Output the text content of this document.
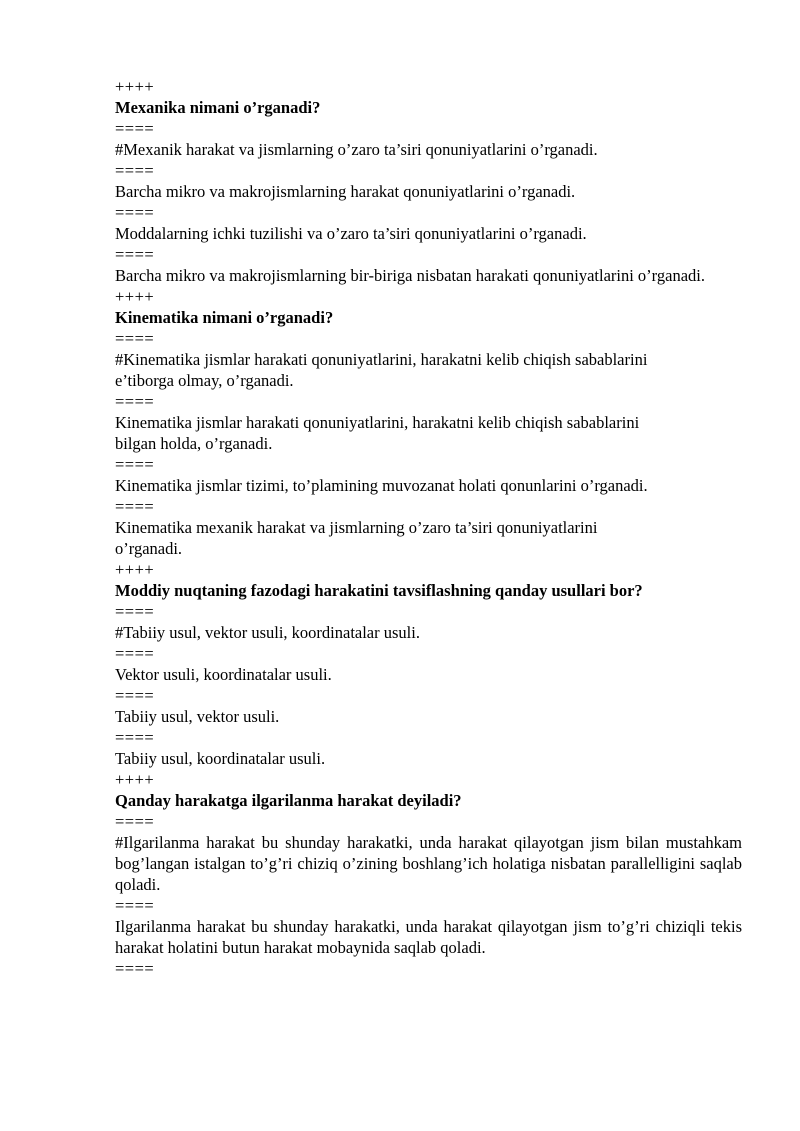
++++

Mexanika nimani o’rganadi?

====

#Mexanik harakat va jismlarning o’zaro ta’siri qonuniyatlarini o’rganadi.

====

Barcha mikro va makrojismlarning harakat qonuniyatlarini o’rganadi.

====

Moddalarning ichki tuzilishi va o’zaro ta’siri qonuniyatlarini o’rganadi.

====

Barcha mikro va makrojismlarning bir-biriga nisbatan harakati qonuniyatlarini o’rganadi.

++++

Kinematika nimani o’rganadi?

====

#Kinematika jismlar harakati qonuniyatlarini, harakatni kelib chiqish sabablarini
e’tiborga olmay, o’rganadi.

====

Kinematika jismlar harakati qonuniyatlarini, harakatni kelib chiqish sabablarini
bilgan holda, o’rganadi.

====

Kinematika jismlar tizimi, to’plamining muvozanat holati qonunlarini o’rganadi.

====

Kinematika mexanik harakat va jismlarning o’zaro ta’siri qonuniyatlarini
o’rganadi.

++++

Moddiy nuqtaning fazodagi harakatini tavsiflashning qanday usullari bor?

====

#Tabiiy usul, vektor usuli, koordinatalar usuli.

====

Vektor usuli, koordinatalar usuli.

====

Tabiiy usul, vektor usuli.

====

Tabiiy usul, koordinatalar usuli.

++++

Qanday harakatga ilgarilanma harakat deyiladi?

====

#Ilgarilanma harakat bu shunday harakatki, unda harakat qilayotgan jism bilan mustahkam bog’langan istalgan to’g’ri chiziq o’zining boshlang’ich holatiga nisbatan parallelligini saqlab qoladi.

====

Ilgarilanma harakat bu shunday harakatki, unda harakat qilayotgan jism to’g’ri chiziqli tekis harakat holatini butun harakat mobaynida saqlab qoladi.

====
